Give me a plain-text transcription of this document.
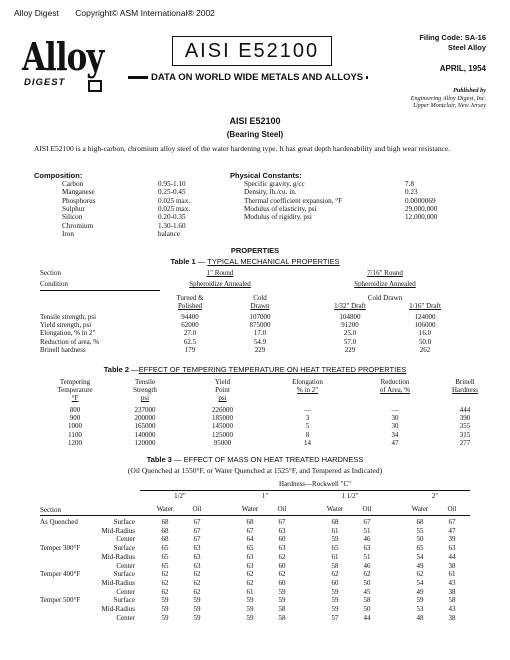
Alloy Digest Copyright© ASM International® 2002
Alloy
DIGEST
AISI E52100
DATA ON WORLD WIDE METALS AND ALLOYS
Filing Code: SA-16
Steel Alloy
APRIL, 1954
Published by
Engineering Alloy Digest, Inc.
Upper Montclair, New Jersey
AISI E52100
(Bearing Steel)
AISI E52100 is a high-carbon, chromium alloy steel of the water hardening type. It has great depth hardenability and high wear resistance.
Composition:	Physical Constants:
Carbon	0.95-1.10
Manganese	0.25-0.45
Phosphorus	0.025 max.
Sulphur	0.025 max.
Silicon	0.20-0.35
Chromium	1.30-1.60
Iron	balance
Specific gravity, g/cc	7.8
Density, lb./cu. in.	0.23
Thermal coefficient expansion, °F	0.0000069
Modulus of elasticity, psi	29,000,000
Modulus of rigidity, psi	12,000,000
PROPERTIES
Table 1 — TYPICAL MECHANICAL PROPERTIES
Section	1" Round	7/16" Round
Condition	Spheroidize Annealed	Spheroidize Annealed
Turned &
Polished
Cold
Drawn
Cold Drawn
1/32" Draft	1/16" Draft
Tensile strength, psi	94400	107000	104800	124000
Yield strength, psi	62000	875000	91200	106000
Elongation, % in 2"	27.0	17.0	25.0	16.0
Reduction of area, %	62.5	54.9	57.0	50.0
Brinell hardness	179	229	229	262
Table 2 —EFFECT OF TEMPERING TEMPERATURE ON HEAT TREATED PROPERTIES
Tempering
Temperature
°F
Tensile
Strength
psi
Yield
Point
psi
Elongation
% in 2"
Reduction
of Area, %
Brinell
Hardness
800	237000	226000	—	—	444
900	200000	185000	3	30	390
1000	165000	145000	5	30	355
1100	140000	125000	8	34	315
1200	120000	95000	14	47	277
Table 3 — EFFECT OF MASS ON HEAT TREATED HARDNESS
(Oil Quenched at 1550°F, or Water Quenched at 1525°F, and Tempered as Indicated)
Hardness—Rockwell "C"
1/2"
Water	Oil
1"
Water	Oil
1 1/2"
Water	Oil
2"
Water	Oil
Section
As Quenched	Surface	68	67	68	67	68	67	68	67
Mid-Radius	68	67	67	63	61	51	55	47
Center	68	67	64	60	59	46	50	39
Temper 300°F	Surface	65	63	65	63	65	63	65	63
Mid-Radius	65	63	63	62	61	51	54	44
Center	65	63	63	60	58	46	49	38
Temper 400°F	Surface	62	62	62	62	62	62	62	61
Mid-Radius	62	62	62	60	60	50	54	43
Center	62	62	61	59	59	45	49	38
Temper 500°F	Surface	59	59	59	59	59	58	59	58
Mid-Radius	59	59	59	58	59	50	53	43
Center	59	59	59	58	57	44	48	38
